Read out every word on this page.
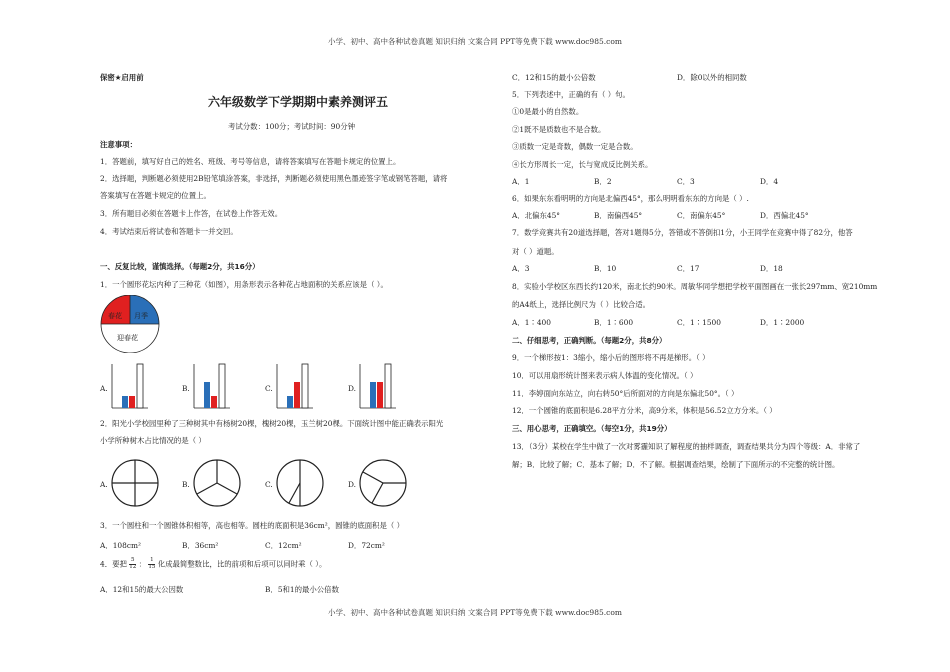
小学、初中、高中各种试卷真题 知识归纳 文案合同 PPT等免费下载 www.doc985.com
小学、初中、高中各种试卷真题 知识归纳 文案合同 PPT等免费下载 www.doc985.com
保密★启用前
六年级数学下学期期中素养测评五
考试分数：100分；考试时间：90分钟
注意事项：
1．答题前，填写好自己的姓名、班级、考号等信息，请将答案填写在答题卡规定的位置上。
2．选择题，判断题必须使用2B铅笔填涂答案，非选择，判断题必须使用黑色墨迹签字笔或钢笔答题，请将
答案填写在答题卡规定的位置上。
3．所有题目必须在答题卡上作答，在试卷上作答无效。
4．考试结束后将试卷和答题卡一并交回。
一、反复比较，谨慎选择。（每题2分，共16分）
1．一个圆形花坛内种了三种花（如图），用条形表示各种花占地面积的关系应该是（ ）。
春花 月季
迎春花
A.	B.	C.	D.
2．阳光小学校园里种了三种树其中有杨树20棵，槐树20棵，玉兰树20棵。下面统计图中能正确表示阳光
小学所种树木占比情况的是（ ）
A.	B.	C.	D.
3．一个圆柱和一个圆锥体积相等，高也相等。圆柱的底面积是36cm²，圆锥的底面积是（ ）
A．108cm²	B．36cm²	C．12cm²	D．72cm²
4．要把 $\frac{5}{12}$ ： $\frac{1}{15}$ 化成最简整数比，比的前项和后项可以同时乘（ ）。
A．12和15的最大公因数	B．5和1的最小公倍数
C．12和15的最小公倍数	D．除0以外的相同数
5．下列表述中，正确的有（ ）句。
①0是最小的自然数。
②1既不是质数也不是合数。
③质数一定是奇数，偶数一定是合数。
④长方形周长一定，长与宽成反比例关系。
A．1	B．2	C．3	D．4
6．如果东东看明明的方向是北偏西45°，那么明明看东东的方向是（ ）.
A．北偏东45°	B．南偏西45°	C．南偏东45°	D．西偏北45°
7．数学竞赛共有20道选择题，答对1题得5分，答错或不答倒扣1分，小王同学在竞赛中得了82分，他答
对（ ）道题。
A．3	B．10	C．17	D．18
8．实验小学校区东西长约120米，南北长约90米。周敏华同学想把学校平面图画在一张长297mm、宽210mm
的A4纸上，选择比例尺为（ ）比较合适。
A．1∶400	B．1∶600	C．1∶1500	D．1∶2000
二、仔细思考，正确判断。（每题2分，共8分）
9．一个梯形按1：3缩小，缩小后的图形将不再是梯形。（ ）
10．可以用扇形统计图来表示病人体温的变化情况。（ ）
11．李婷面向东站立，向右转50°后所面对的方向是东偏北50°。（ ）
12．一个圆锥的底面积是6.28平方分米，高9分米，体积是56.52立方分米。（ ）
三、用心思考，正确填空。（每空1分，共19分）
13．（3分）某校在学生中做了一次对雾霾知识了解程度的抽样调查，调查结果共分为四个等级：A．非常了
解；B．比较了解；C．基本了解；D．不了解。根据调查结果，绘制了下面所示的不完整的统计图。
